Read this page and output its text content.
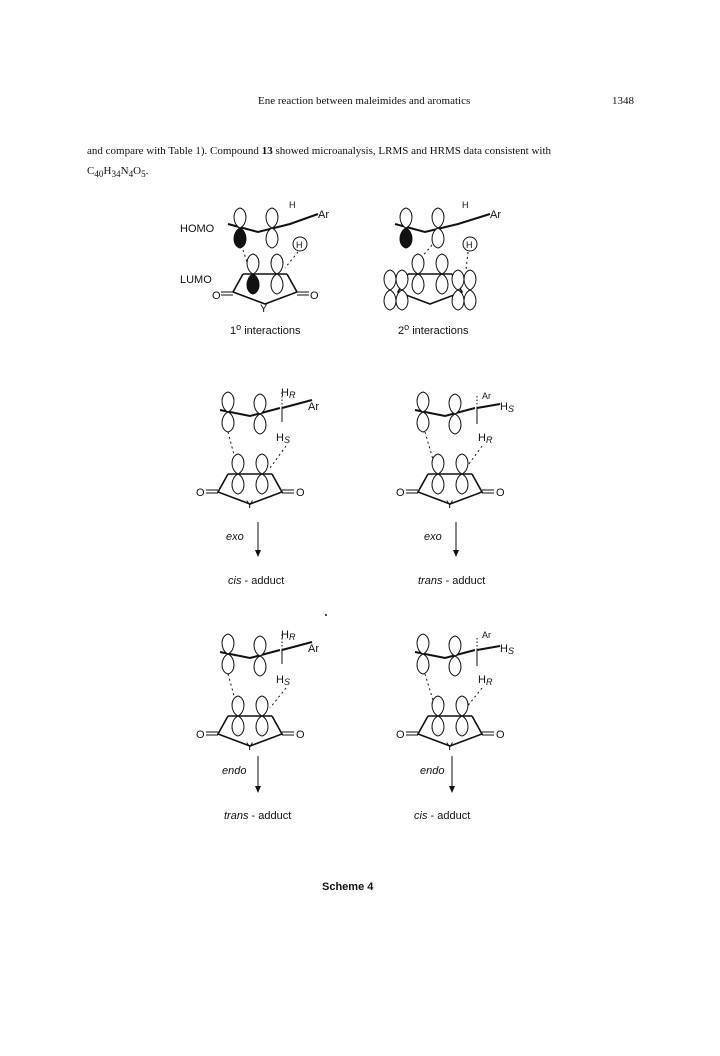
Ene reaction between maleimides and aromatics	1348
and compare with Table 1). Compound 13 showed microanalysis, LRMS and HRMS data consistent with
$C_{40}H_{34}N_4O_5$.
HOMO
LUMO
H
Ar
H
O
Y
O
1$^o$ interactions
H
Ar
H
2$^o$ interactions
HR
Ar
HS
O
Y
O
exo
cis - adduct
Ar
HS
HR
O
Y
O
exo
trans - adduct
HR
Ar
HS
O
Y
O
endo
trans - adduct
Ar
HS
HR
O
Y
O
endo
cis - adduct
Scheme 4
